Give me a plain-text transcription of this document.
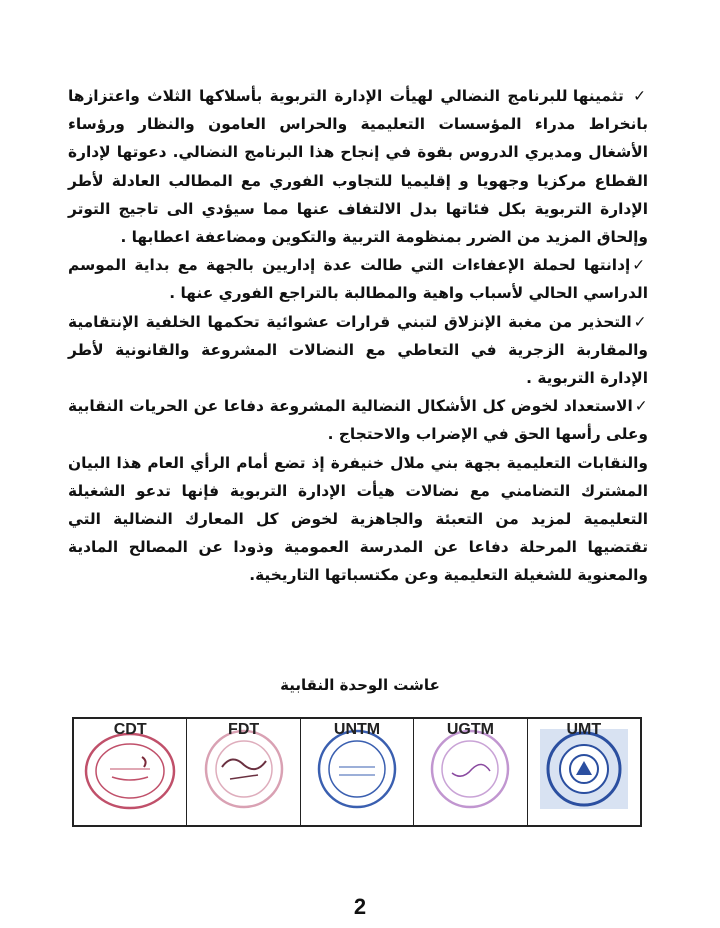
✓ تثمينها للبرنامج النضالي لهيأت الإدارة التربوية بأسلاكها الثلاث واعتزازها بانخراط مدراء المؤسسات التعليمية والحراس العامون والنظار ورؤساء الأشغال ومديري الدروس بقوة في إنجاح هذا البرنامج النضالي. دعوتها لإدارة القطاع مركزيا وجهويا و إقليميا للتجاوب الفوري مع المطالب العادلة لأطر الإدارة التربوية بكل فئاتها بدل الالتفاف عنها مما سيؤدي الى تاجيج التوتر وإلحاق المزيد من الضرر بمنظومة التربية والتكوين ومضاعفة اعطابها .

✓إدانتها لحملة الإعفاءات التي طالت عدة إداريين بالجهة مع بداية الموسم الدراسي الحالي لأسباب واهية والمطالبة بالتراجع الفوري عنها .

✓التحذير من مغبة الإنزلاق لتبني قرارات عشوائية تحكمها الخلفية الإنتقامية والمقاربة الزجرية في التعاطي مع النضالات المشروعة والقانونية لأطر الإدارة التربوية .

✓الاستعداد لخوض كل الأشكال النضالية المشروعة دفاعا عن الحريات النقابية وعلى رأسها الحق في الإضراب والاحتجاج .

والنقابات التعليمية بجهة بني ملال خنيفرة إذ تضع أمام الرأي العام هذا البيان المشترك التضامني مع نضالات هيأت الإدارة التربوية فإنها تدعو الشغيلة التعليمية لمزيد من التعبئة والجاهزية لخوض كل المعارك النضالية التي تقتضيها المرحلة دفاعا عن المدرسة العمومية وذودا عن المصالح المادية والمعنوية للشغيلة التعليمية وعن مكتسباتها التاريخية.

عاشت الوحدة النقابية
CDT	FDT	UNTM	UGTM	UMT
2
